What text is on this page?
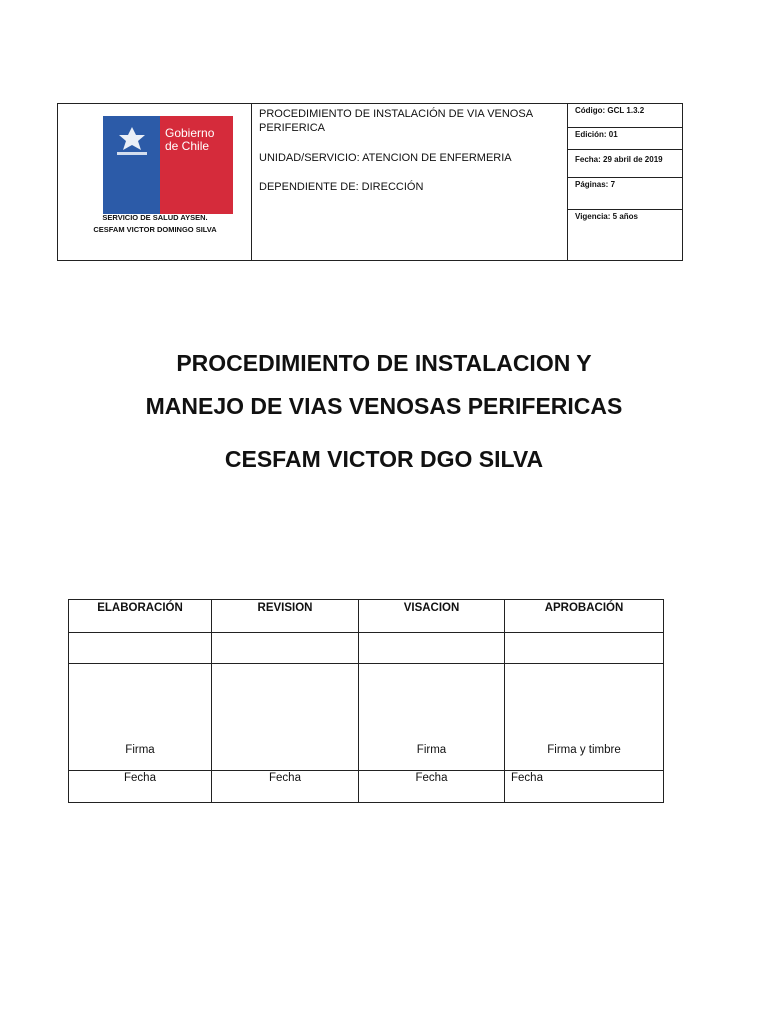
Gobierno
de Chile
SERVICIO DE SALUD AYSEN.
CESFAM VICTOR DOMINGO SILVA
PROCEDIMIENTO DE INSTALACIÓN DE VIA VENOSA
PERIFERICA
UNIDAD/SERVICIO: ATENCION DE ENFERMERIA
DEPENDIENTE DE: DIRECCIÓN
Código: GCL 1.3.2
Edición: 01
Fecha: 29 abril de 2019
Páginas: 7
Vigencia: 5 años
PROCEDIMIENTO DE INSTALACION Y
MANEJO DE VIAS VENOSAS PERIFERICAS
CESFAM VICTOR DGO SILVA
ELABORACIÓN	REVISION	VISACION	APROBACIÓN

Firma		Firma	Firma y timbre
Fecha	Fecha	Fecha	Fecha
